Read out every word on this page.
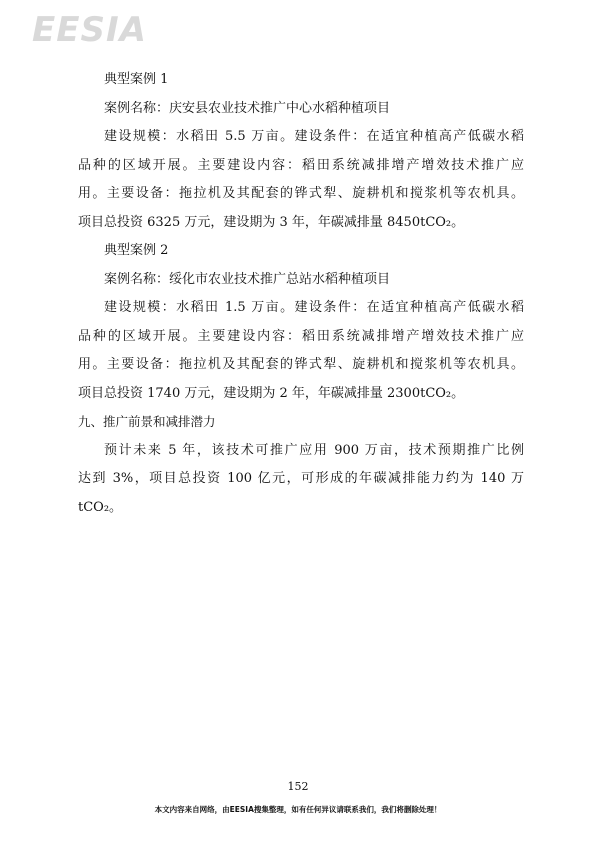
EESIA

典型案例 1

案例名称：庆安县农业技术推广中心水稻种植项目

建设规模：水稻田 5.5 万亩。建设条件：在适宜种植高产低碳水稻

品种的区域开展。主要建设内容：稻田系统减排增产增效技术推广应

用。主要设备：拖拉机及其配套的铧式犁、旋耕机和搅浆机等农机具。

项目总投资 6325 万元，建设期为 3 年，年碳减排量 8450tCO₂。

典型案例 2

案例名称：绥化市农业技术推广总站水稻种植项目

建设规模：水稻田 1.5 万亩。建设条件：在适宜种植高产低碳水稻

品种的区域开展。主要建设内容：稻田系统减排增产增效技术推广应

用。主要设备：拖拉机及其配套的铧式犁、旋耕机和搅浆机等农机具。

项目总投资 1740 万元，建设期为 2 年，年碳减排量 2300tCO₂。

九、推广前景和减排潜力

预计未来 5 年，该技术可推广应用 900 万亩，技术预期推广比例

达到 3%，项目总投资 100 亿元，可形成的年碳减排能力约为 140 万

tCO₂。

152
本文内容来自网络，由EESIA搜集整理，如有任何异议请联系我们，我们将删除处理！
